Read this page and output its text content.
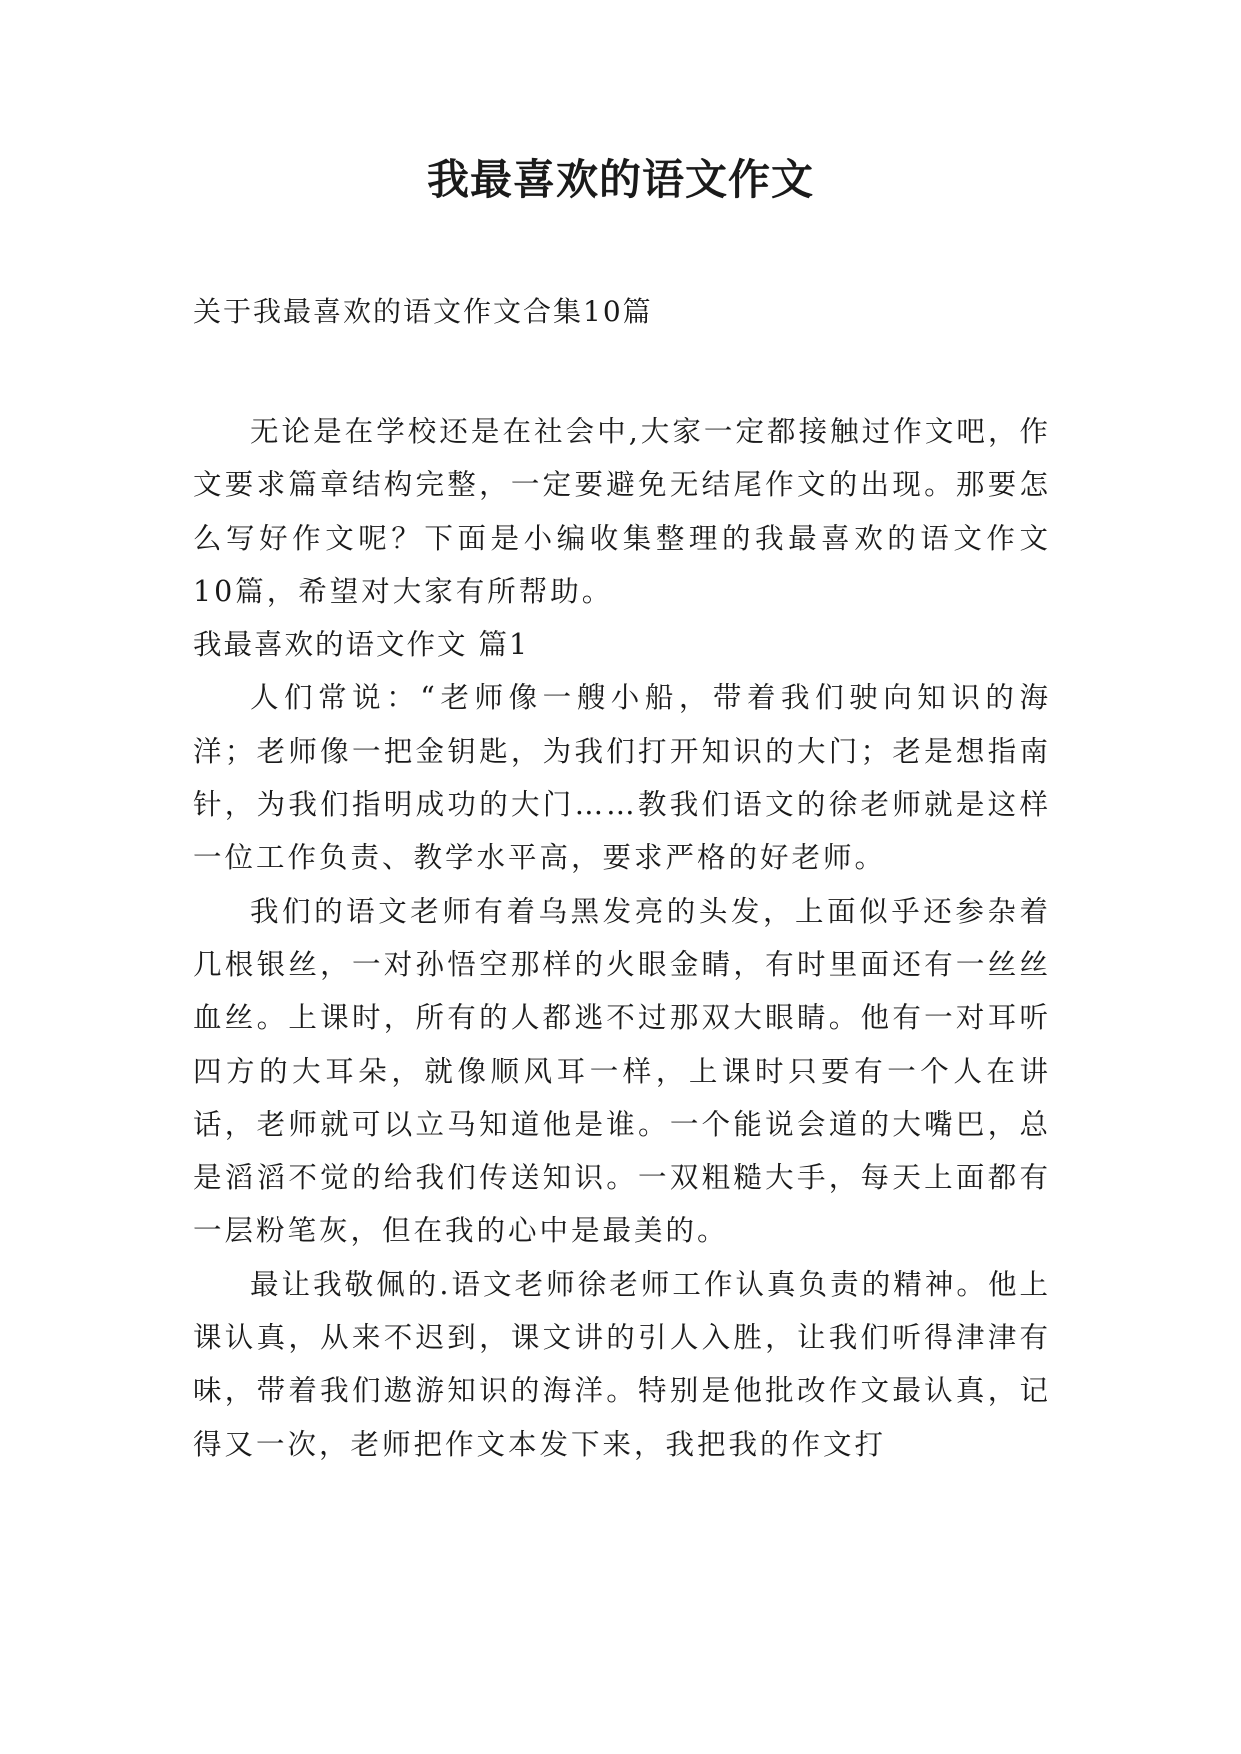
我最喜欢的语文作文
关于我最喜欢的语文作文合集10篇

无论是在学校还是在社会中,大家一定都接触过作文吧，作文要求篇章结构完整，一定要避免无结尾作文的出现。那要怎么写好作文呢？下面是小编收集整理的我最喜欢的语文作文10篇，希望对大家有所帮助。

我最喜欢的语文作文 篇1

人们常说：“老师像一艘小船，带着我们驶向知识的海洋；老师像一把金钥匙，为我们打开知识的大门；老是想指南针，为我们指明成功的大门……教我们语文的徐老师就是这样一位工作负责、教学水平高，要求严格的好老师。

我们的语文老师有着乌黑发亮的头发，上面似乎还参杂着几根银丝，一对孙悟空那样的火眼金睛，有时里面还有一丝丝血丝。上课时，所有的人都逃不过那双大眼睛。他有一对耳听四方的大耳朵，就像顺风耳一样，上课时只要有一个人在讲话，老师就可以立马知道他是谁。一个能说会道的大嘴巴，总是滔滔不觉的给我们传送知识。一双粗糙大手，每天上面都有一层粉笔灰，但在我的心中是最美的。

最让我敬佩的.语文老师徐老师工作认真负责的精神。他上课认真，从来不迟到，课文讲的引人入胜，让我们听得津津有味，带着我们遨游知识的海洋。特别是他批改作文最认真，记得又一次，老师把作文本发下来，我把我的作文打
